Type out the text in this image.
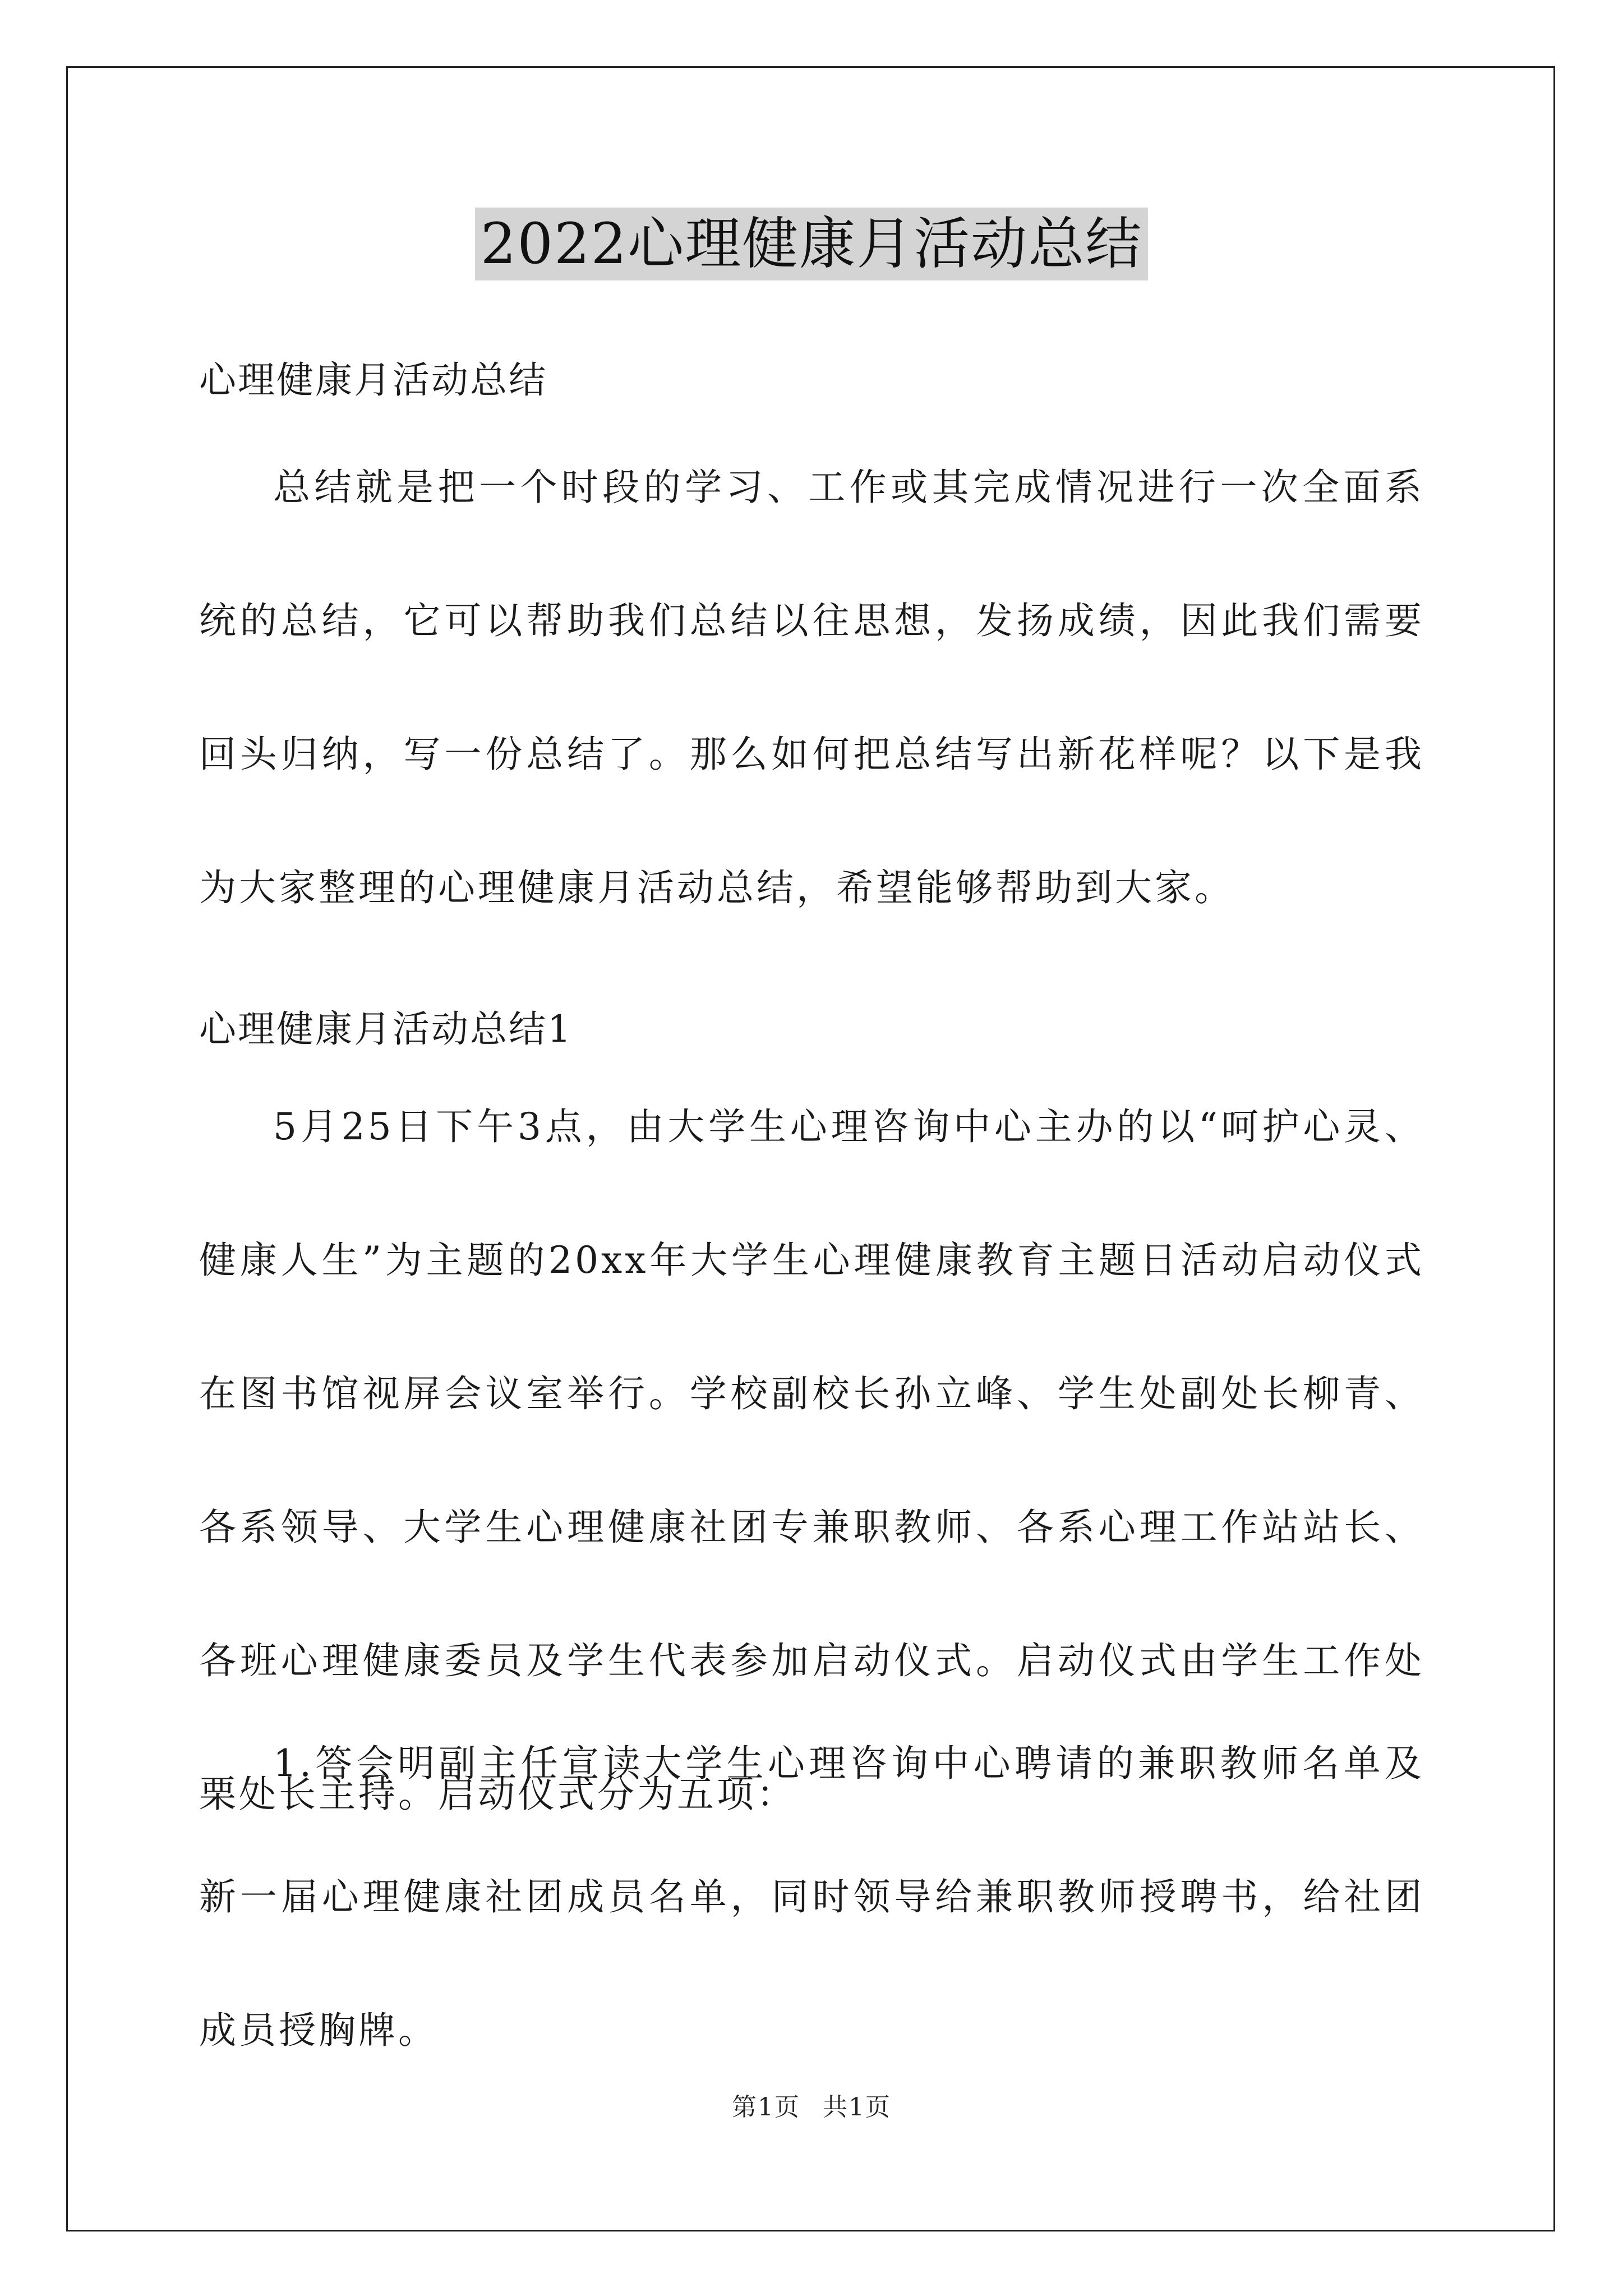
2022心理健康月活动总结
心理健康月活动总结
总结就是把一个时段的学习、工作或其完成情况进行一次全面系统的总结，它可以帮助我们总结以往思想，发扬成绩，因此我们需要回头归纳，写一份总结了。那么如何把总结写出新花样呢？以下是我为大家整理的心理健康月活动总结，希望能够帮助到大家。
心理健康月活动总结1
5月25日下午3点，由大学生心理咨询中心主办的以“呵护心灵、健康人生”为主题的20xx年大学生心理健康教育主题日活动启动仪式在图书馆视屏会议室举行。学校副校长孙立峰、学生处副处长柳青、各系领导、大学生心理健康社团专兼职教师、各系心理工作站站长、各班心理健康委员及学生代表参加启动仪式。启动仪式由学生工作处栗处长主持。启动仪式分为五项：
1.答会明副主任宣读大学生心理咨询中心聘请的兼职教师名单及新一届心理健康社团成员名单，同时领导给兼职教师授聘书，给社团成员授胸牌。
第1页 共1页
